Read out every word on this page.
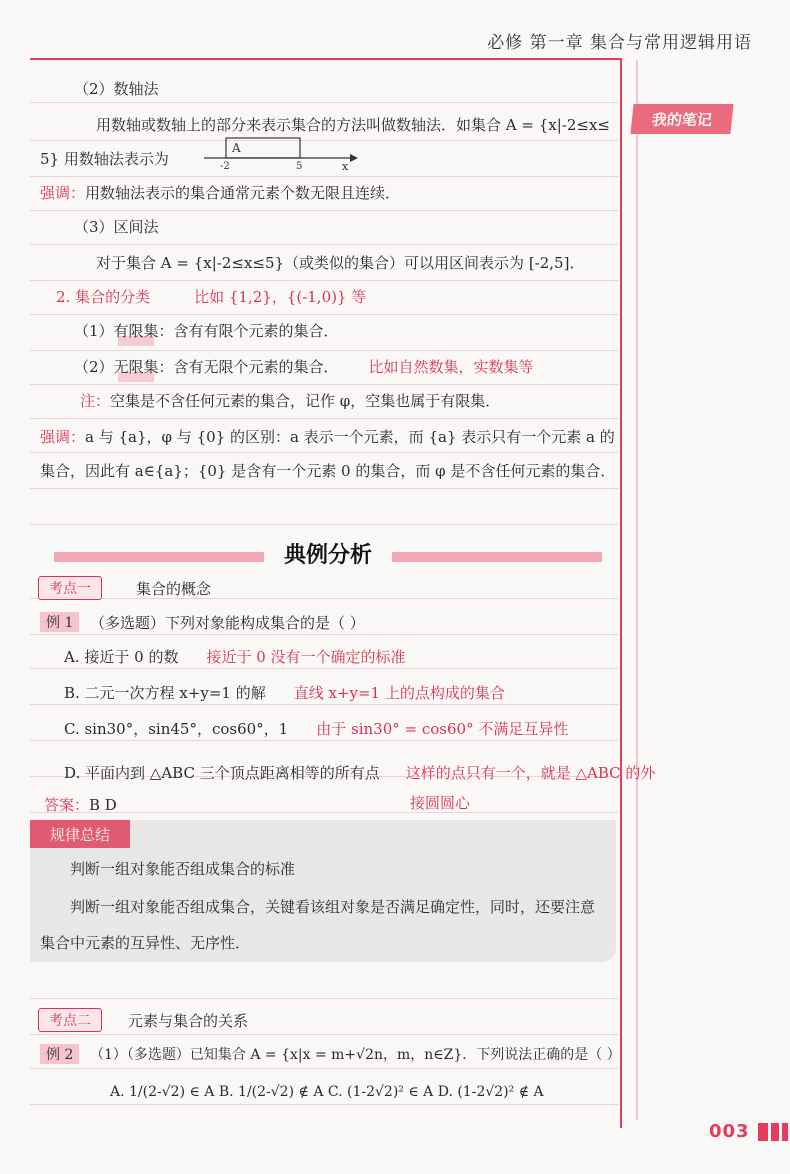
必修 第一章 集合与常用逻辑用语
我的笔记
（2）数轴法
用数轴或数轴上的部分来表示集合的方法叫做数轴法．如集合 A = {x|-2≤x≤
5} 用数轴法表示为
A
-2	5	x
强调：用数轴法表示的集合通常元素个数无限且连续．
（3）区间法
对于集合 A = {x|-2≤x≤5}（或类似的集合）可以用区间表示为 [-2,5]．
2. 集合的分类	比如 {1,2}，{(-1,0)} 等
（1）有限集：含有有限个元素的集合．
（2）无限集：含有无限个元素的集合． 比如自然数集，实数集等
注：空集是不含任何元素的集合，记作 φ，空集也属于有限集．
强调：a 与 {a}，φ 与 {0} 的区别：a 表示一个元素，而 {a} 表示只有一个元素 a 的
集合，因此有 a∈{a}；{0} 是含有一个元素 0 的集合，而 φ 是不含任何元素的集合．
典例分析
考点一	集合的概念
例 1	（多选题）下列对象能构成集合的是（ ）
A. 接近于 0 的数 接近于 0 没有一个确定的标准
B. 二元一次方程 x+y=1 的解 直线 x+y=1 上的点构成的集合
C. sin30°，sin45°，cos60°，1 由于 sin30° = cos60° 不满足互异性
D. 平面内到 △ABC 三个顶点距离相等的所有点 这样的点只有一个，就是 △ABC 的外
接圆圆心
答案：B D
规律总结
判断一组对象能否组成集合的标准
判断一组对象能否组成集合，关键看该组对象是否满足确定性，同时，还要注意
集合中元素的互异性、无序性．
考点二	元素与集合的关系
例 2	（1）（多选题）已知集合 A = {x|x = m+√2n，m，n∈Z}．下列说法正确的是（ ）
A. 1/(2-√2) ∈ A B. 1/(2-√2) ∉ A C. (1-2√2)² ∈ A D. (1-2√2)² ∉ A
003
